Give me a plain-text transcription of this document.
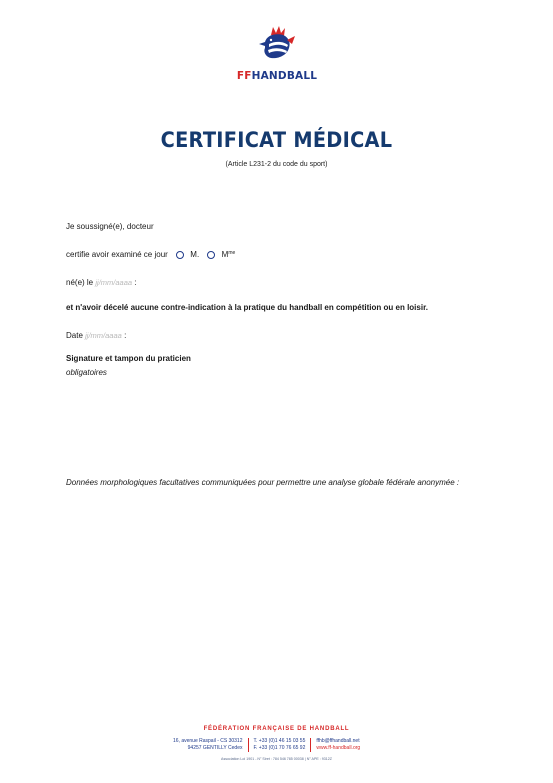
FFHANDBALL
CERTIFICAT MÉDICAL
(Article L231-2 du code du sport)
Je soussigné(e), docteur
certifie avoir examiné ce jour	M.	$M^{me}$
né(e) le jj/mm/aaaa :
et n'avoir décelé aucune contre-indication à la pratique du handball en compétition ou en loisir.
Date jj/mm/aaaa :
Signature et tampon du praticien
obligatoires
Données morphologiques facultatives communiquées pour permettre une analyse globale fédérale anonymée :
FÉDÉRATION FRANÇAISE DE HANDBALL
16, avenue Raspail - CS 30312
94257 GENTILLY Cedex
T. +33 (0)1 46 15 03 55
F. +33 (0)1 70 76 65 92
ffhb@ffhandball.net
www.ff-handball.org
Association Loi 1901 - N° Siret : 784 546 785 00038 | N° APE : 9312Z
